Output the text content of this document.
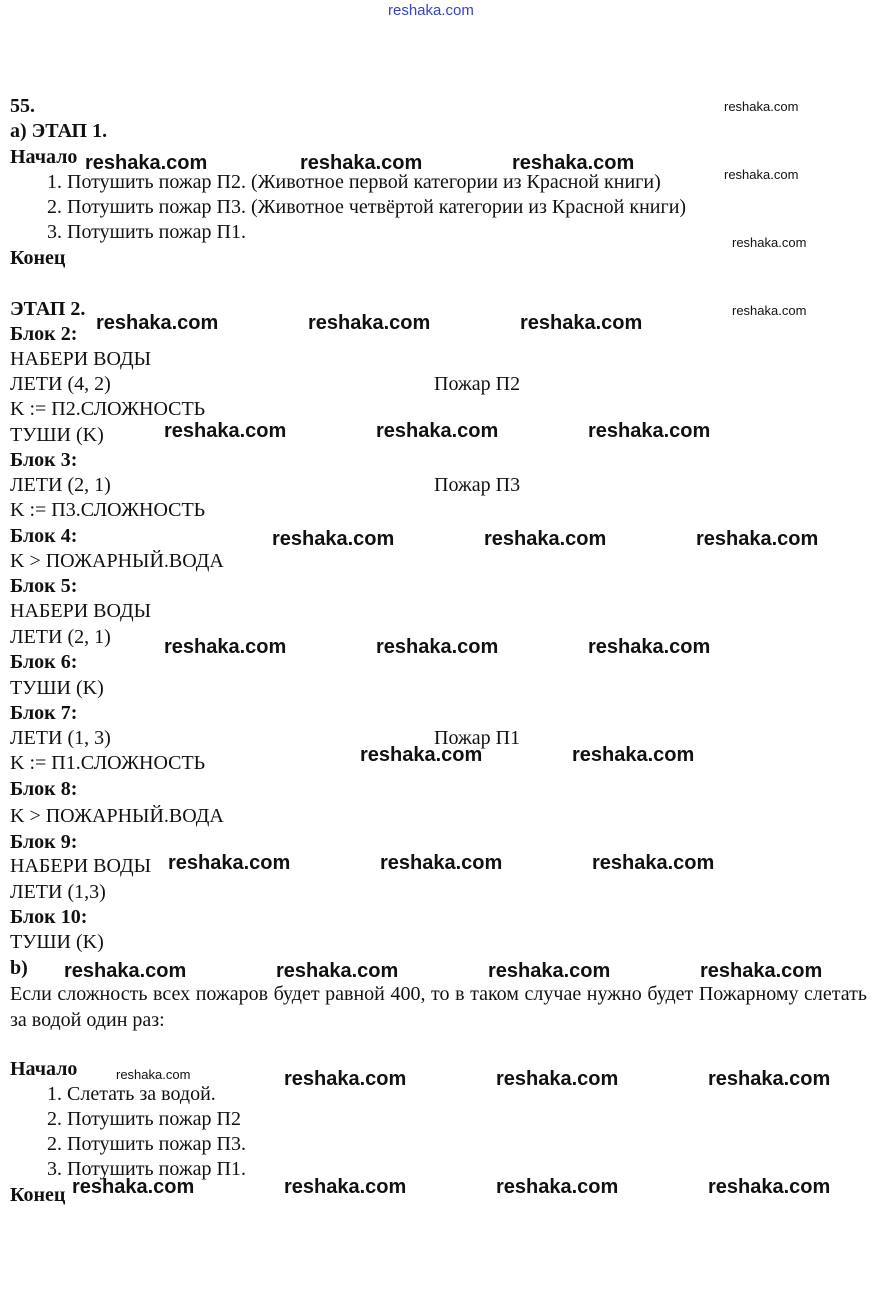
reshaka.com
55.
а) ЭТАП 1.
Начало
1. Потушить пожар П2. (Животное первой категории из Красной книги)
2. Потушить пожар П3. (Животное четвёртой категории из Красной книги)
3. Потушить пожар П1.
Конец
ЭТАП 2.
Блок 2:
НАБЕРИ ВОДЫ
ЛЕТИ (4, 2)	Пожар П2
K := П2.СЛОЖНОСТЬ
ТУШИ (K)
Блок 3:
ЛЕТИ (2, 1)	Пожар П3
K := П3.СЛОЖНОСТЬ
Блок 4:
K > ПОЖАРНЫЙ.ВОДА
Блок 5:
НАБЕРИ ВОДЫ
ЛЕТИ (2, 1)
Блок 6:
ТУШИ (K)
Блок 7:
ЛЕТИ (1, 3)	Пожар П1
K := П1.СЛОЖНОСТЬ
Блок 8:
K > ПОЖАРНЫЙ.ВОДА
Блок 9:
НАБЕРИ ВОДЫ
ЛЕТИ (1,3)
Блок 10:
ТУШИ (K)
b)
Если сложность всех пожаров будет равной 400, то в таком случае нужно будет Пожарному слетать за водой один раз:
Начало
1. Слетать за водой.
2. Потушить пожар П2
2. Потушить пожар П3.
3. Потушить пожар П1.
Конец
reshaka.com
reshaka.com	reshaka.com	reshaka.com
reshaka.com
reshaka.com
reshaka.com
reshaka.com	reshaka.com	reshaka.com
reshaka.com	reshaka.com	reshaka.com
reshaka.com	reshaka.com	reshaka.com
reshaka.com	reshaka.com	reshaka.com
reshaka.com	reshaka.com
reshaka.com	reshaka.com	reshaka.com
reshaka.com	reshaka.com	reshaka.com	reshaka.com
reshaka.com	reshaka.com	reshaka.com	reshaka.com
reshaka.com	reshaka.com	reshaka.com	reshaka.com
